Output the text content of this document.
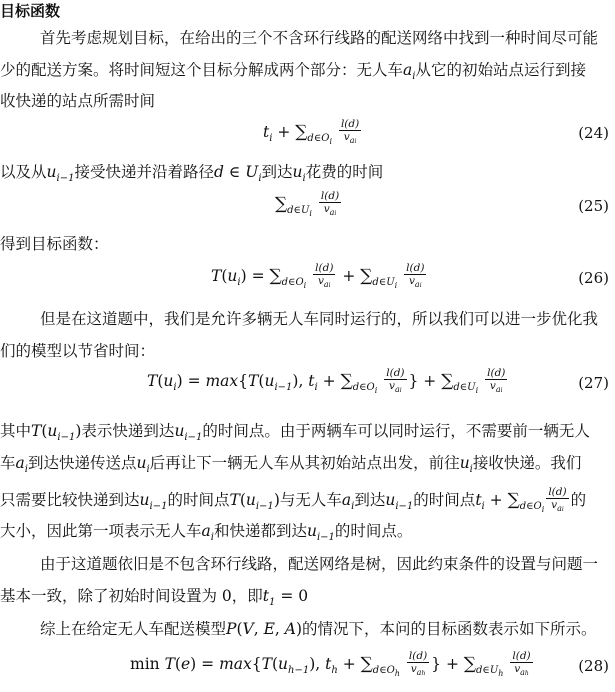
目标函数
首先考虑规划目标，在给出的三个不含环行线路的配送网络中找到一种时间尽可能
少的配送方案。将时间短这个目标分解成两个部分：无人车$a_i$从它的初始站点运行到接
收快递的站点所需时间
$t_i + \sum_{d\in O_i} \frac{l(d)}{v_{ai}}$	(24)
以及从$u_{i-1}$接受快递并沿着路径d ∈ $U_i$到达$u_i$花费的时间
$\sum_{d\in U_i} \frac{l(d)}{v_{ai}}$	(25)
得到目标函数：
$T(u_i) = \sum_{d\in O_i} \frac{l(d)}{v_{ai}} + \sum_{d\in U_i} \frac{l(d)}{v_{ai}}$	(26)
但是在这道题中，我们是允许多辆无人车同时运行的，所以我们可以进一步优化我
们的模型以节省时间：
$T(u_i) = \max\{T(u_{i-1})$, $t_i + \sum_{d\in O_i} \frac{l(d)}{v_{ai}}$ } + $\sum_{d\in U_i} \frac{l(d)}{v_{ai}}$	(27)
其中$T(u_{i-1})$表示快递到达$u_{i-1}$的时间点。由于两辆车可以同时运行，不需要前一辆无人
车$a_i$到达快递传送点$u_i$后再让下一辆无人车从其初始站点出发，前往$u_i$接收快递。我们
只需要比较快递到达$u_{i-1}$的时间点$T(u_{i-1})$与无人车$a_i$到达$u_{i-1}$的时间点$t_i + \sum_{d\in O_i} \frac{l(d)}{v_{ai}}$ 的
大小，因此第一项表示无人车$a_i$和快递都到达$u_{i-1}$的时间点。
由于这道题依旧是不包含环行线路，配送网络是树，因此约束条件的设置与问题一
基本一致，除了初始时间设置为 0，即$t_1 = 0$
综上在给定无人车配送模型P(V, E, A)的情况下，本问的目标函数表示如下所示。
$\min T(e) = \max\{T(u_{h-1})$, $t_h + \sum_{d\in O_h} \frac{l(d)}{v_{ah}}$ } + $\sum_{d\in U_h} \frac{l(d)}{v_{ah}}$	(28)
